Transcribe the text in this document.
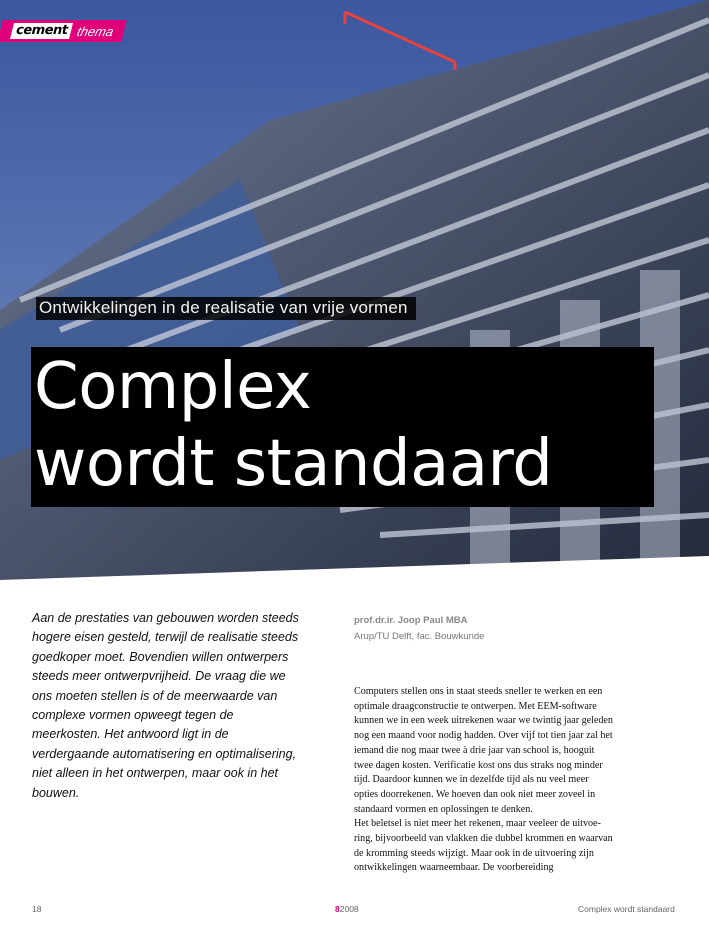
cement thema
Ontwikkelingen in de realisatie van vrije vormen
Complex
wordt standaard
Aan de prestaties van gebouwen worden steeds hogere eisen gesteld, terwijl de realisatie steeds goedkoper moet. Bovendien willen ontwerpers steeds meer ontwerpvrijheid. De vraag die we ons moeten stellen is of de meerwaarde van complexe vormen opweegt tegen de meerkosten. Het antwoord ligt in de verdergaande automatisering en optimalisering, niet alleen in het ontwerpen, maar ook in het bouwen.
prof.dr.ir. Joop Paul MBA
Arup/TU Delft, fac. Bouwkunde

Computers stellen ons in staat steeds sneller te werken en een optimale draagconstructie te ontwerpen. Met EEM-software kunnen we in een week uitrekenen waar we twintig jaar geleden nog een maand voor nodig hadden. Over vijf tot tien jaar zal het iemand die nog maar twee à drie jaar van school is, hooguit twee dagen kosten. Verificatie kost ons dus straks nog minder tijd. Daardoor kunnen we in dezelfde tijd als nu veel meer opties doorrekenen. We hoeven dan ook niet meer zoveel in standaard vormen en oplossingen te denken.

Het beletsel is niet meer het rekenen, maar veeleer de uitvoering, bijvoorbeeld van vlakken die dubbel krommen en waarvan de kromming steeds wijzigt. Maar ook in de uitvoering zijn ontwikkelingen waarneembaar. De voorbereiding

18	82008	Complex wordt standaard
